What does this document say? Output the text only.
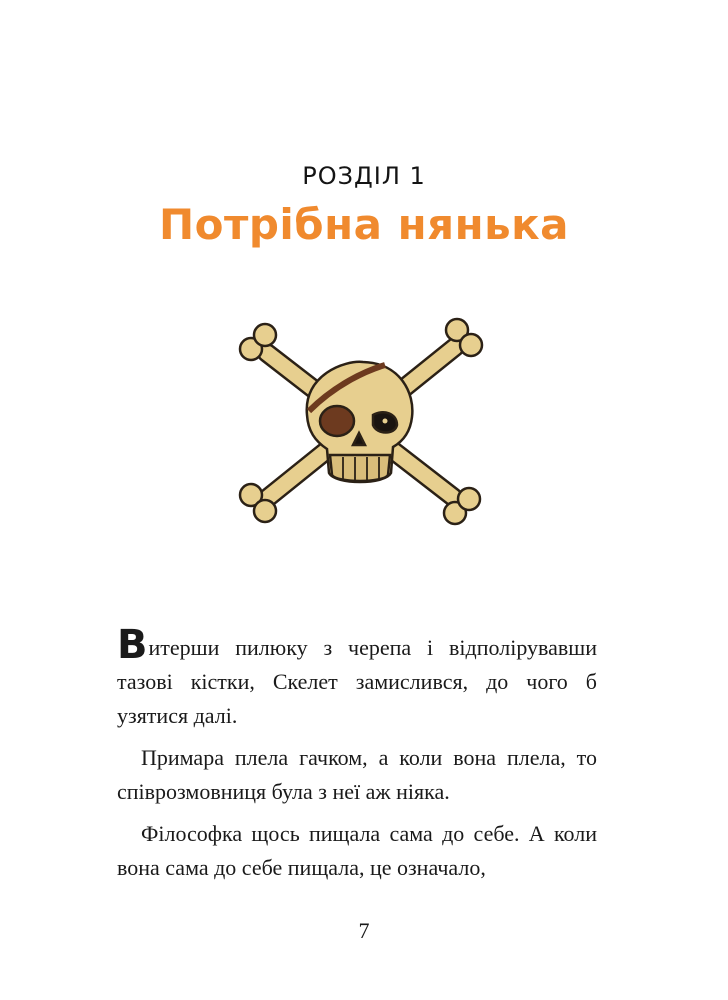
РОЗДІЛ 1
Потрібна нянька

Витерши пилюку з черепа і відполірувавши тазові кістки, Скелет замислився, до чого б узятися далі.

Примара плела гачком, а коли вона плела, то співрозмовниця була з неї аж ніяка.

Філософка щось пищала сама до себе. А коли вона сама до себе пищала, це означало,

7
